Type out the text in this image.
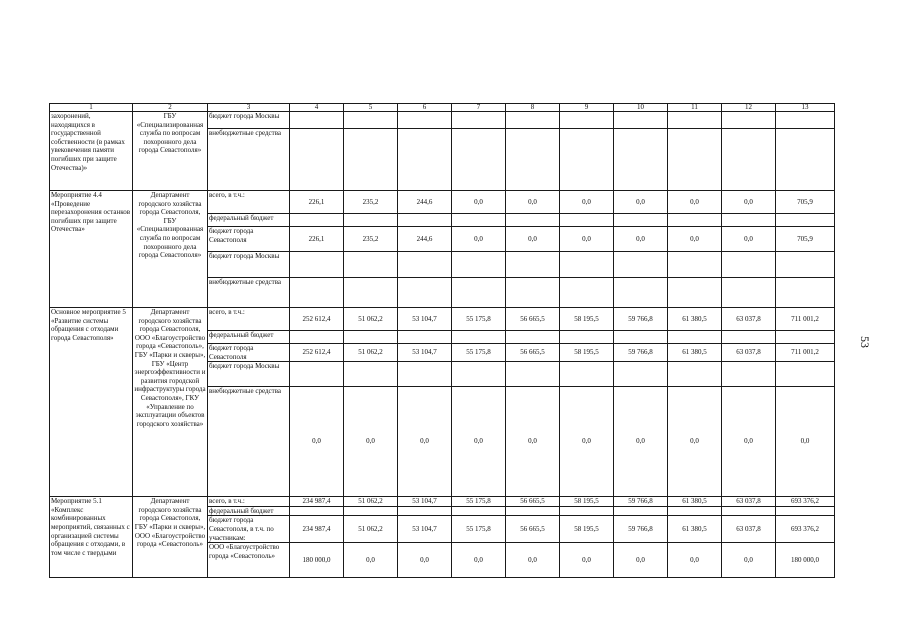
1	2	3	4	5	6	7	8	9	10	11	12	13
захоронений, находящихся в государственной собственности (в рамках увековечения памяти погибших при защите Отечества)»	ГБУ «Специализированная служба по вопросам похоронного дела города Севастополя»	бюджет города Москвы										
		внебюджетные средства										
Мероприятие 4.4 «Проведение перезахоронения останков погибших при защите Отечества»	Департамент городского хозяйства города Севастополя, ГБУ «Специализированная служба по вопросам похоронного дела города Севастополя»	всего, в т.ч.:	226,1	235,2	244,6	0,0	0,0	0,0	0,0	0,0	0,0	705,9
		федеральный бюджет										
		бюджет города Севастополя	226,1	235,2	244,6	0,0	0,0	0,0	0,0	0,0	0,0	705,9
		бюджет города Москвы										
		внебюджетные средства										
Основное мероприятие 5 «Развитие системы обращения с отходами города Севастополя»	Департамент городского хозяйства города Севастополя, ООО «Благоустройство города «Севастополь», ГБУ «Парки и скверы», ГБУ «Центр энергоэффективности и развития городской инфраструктуры города Севастополя», ГКУ «Управление по эксплуатации объектов городского хозяйства»	всего, в т.ч.:	252 612,4	51 062,2	53 104,7	55 175,8	56 665,5	58 195,5	59 766,8	61 380,5	63 037,8	711 001,2
		федеральный бюджет										
		бюджет города Севастополя	252 612,4	51 062,2	53 104,7	55 175,8	56 665,5	58 195,5	59 766,8	61 380,5	63 037,8	711 001,2
		бюджет города Москвы										
		внебюджетные средства	0,0	0,0	0,0	0,0	0,0	0,0	0,0	0,0	0,0	0,0
Мероприятие 5.1 «Комплекс комбинированных мероприятий, связанных с организацией системы обращения с отходами, в том числе с твердыми	Департамент городского хозяйства города Севастополя, ГБУ «Парки и скверы», ООО «Благоустройство города «Севастополь»	всего, в т.ч.:	234 987,4	51 062,2	53 104,7	55 175,8	56 665,5	58 195,5	59 766,8	61 380,5	63 037,8	693 376,2
		федеральный бюджет										
		бюджет города Севастополя, в т.ч. по участникам:	234 987,4	51 062,2	53 104,7	55 175,8	56 665,5	58 195,5	59 766,8	61 380,5	63 037,8	693 376,2
		ООО «Благоустройство города «Севастополь»	180 000,0	0,0	0,0	0,0	0,0	0,0	0,0	0,0	0,0	180 000,0
53
